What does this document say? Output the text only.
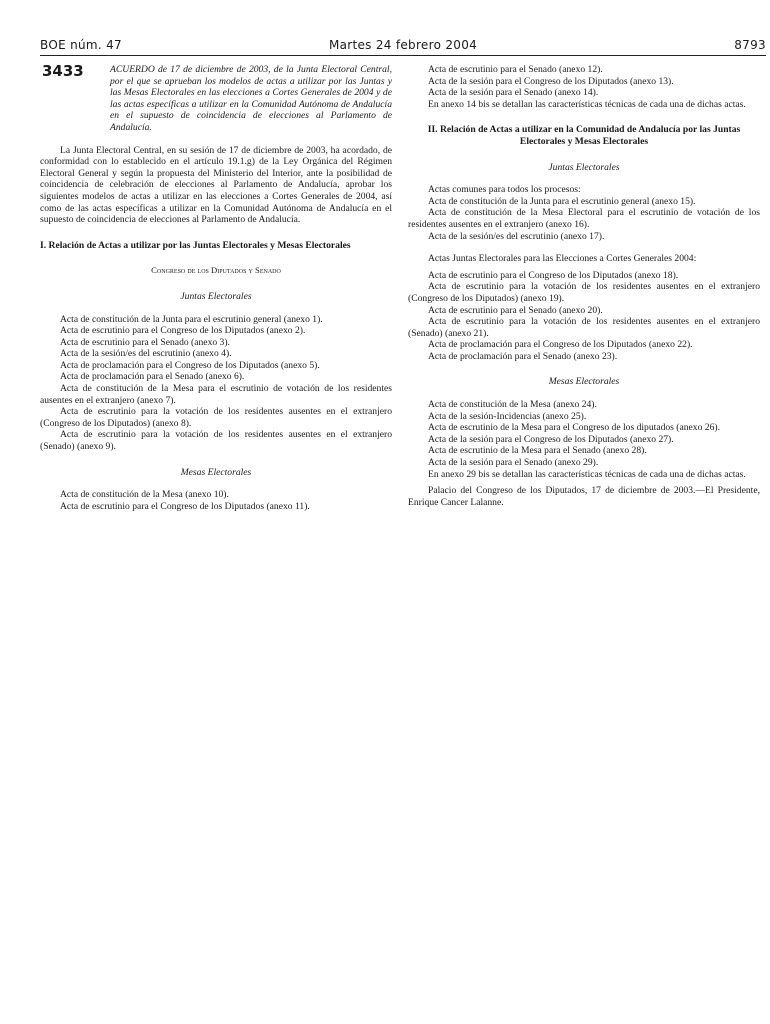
BOE núm. 47	Martes 24 febrero 2004	8793
3433	ACUERDO de 17 de diciembre de 2003, de la Junta Electoral Central, por el que se aprueban los modelos de actas a utilizar por las Juntas y las Mesas Electorales en las elecciones a Cortes Generales de 2004 y de las actas específicas a utilizar en la Comunidad Autónoma de Andalucía en el supuesto de coincidencia de elecciones al Parlamento de Andalucía.

La Junta Electoral Central, en su sesión de 17 de diciembre de 2003, ha acordado, de conformidad con lo establecido en el artículo 19.1.g) de la Ley Orgánica del Régimen Electoral General y según la propuesta del Ministerio del Interior, ante la posibilidad de coincidencia de celebración de elecciones al Parlamento de Andalucía, aprobar los siguientes modelos de actas a utilizar en las elecciones a Cortes Generales de 2004, así como de las actas específicas a utilizar en la Comunidad Autónoma de Andalucía en el supuesto de coincidencia de elecciones al Parlamento de Andalucía.

I. Relación de Actas a utilizar por las Juntas Electorales y Mesas Electorales

Congreso de los Diputados y Senado

Juntas Electorales

Acta de constitución de la Junta para el escrutinio general (anexo 1).

Acta de escrutinio para el Congreso de los Diputados (anexo 2).

Acta de escrutinio para el Senado (anexo 3).

Acta de la sesión/es del escrutinio (anexo 4).

Acta de proclamación para el Congreso de los Diputados (anexo 5).

Acta de proclamación para el Senado (anexo 6).

Acta de constitución de la Mesa para el escrutinio de votación de los residentes ausentes en el extranjero (anexo 7).

Acta de escrutinio para la votación de los residentes ausentes en el extranjero (Congreso de los Diputados) (anexo 8).

Acta de escrutinio para la votación de los residentes ausentes en el extranjero (Senado) (anexo 9).

Mesas Electorales

Acta de constitución de la Mesa (anexo 10).

Acta de escrutinio para el Congreso de los Diputados (anexo 11).

Acta de escrutinio para el Senado (anexo 12).

Acta de la sesión para el Congreso de los Diputados (anexo 13).

Acta de la sesión para el Senado (anexo 14).

En anexo 14 bis se detallan las características técnicas de cada una de dichas actas.

II. Relación de Actas a utilizar en la Comunidad de Andalucía por las Juntas Electorales y Mesas Electorales

Juntas Electorales

Actas comunes para todos los procesos:

Acta de constitución de la Junta para el escrutinio general (anexo 15).

Acta de constitución de la Mesa Electoral para el escrutinio de votación de los residentes ausentes en el extranjero (anexo 16).

Acta de la sesión/es del escrutinio (anexo 17).

Actas Juntas Electorales para las Elecciones a Cortes Generales 2004:

Acta de escrutinio para el Congreso de los Diputados (anexo 18).

Acta de escrutinio para la votación de los residentes ausentes en el extranjero (Congreso de los Diputados) (anexo 19).

Acta de escrutinio para el Senado (anexo 20).

Acta de escrutinio para la votación de los residentes ausentes en el extranjero (Senado) (anexo 21).

Acta de proclamación para el Congreso de los Diputados (anexo 22).

Acta de proclamación para el Senado (anexo 23).

Mesas Electorales

Acta de constitución de la Mesa (anexo 24).

Acta de la sesión-Incidencias (anexo 25).

Acta de escrutinio de la Mesa para el Congreso de los diputados (anexo 26).

Acta de la sesión para el Congreso de los Diputados (anexo 27).

Acta de escrutinio de la Mesa para el Senado (anexo 28).

Acta de la sesión para el Senado (anexo 29).

En anexo 29 bis se detallan las características técnicas de cada una de dichas actas.

Palacio del Congreso de los Diputados, 17 de diciembre de 2003.—El Presidente, Enrique Cancer Lalanne.
